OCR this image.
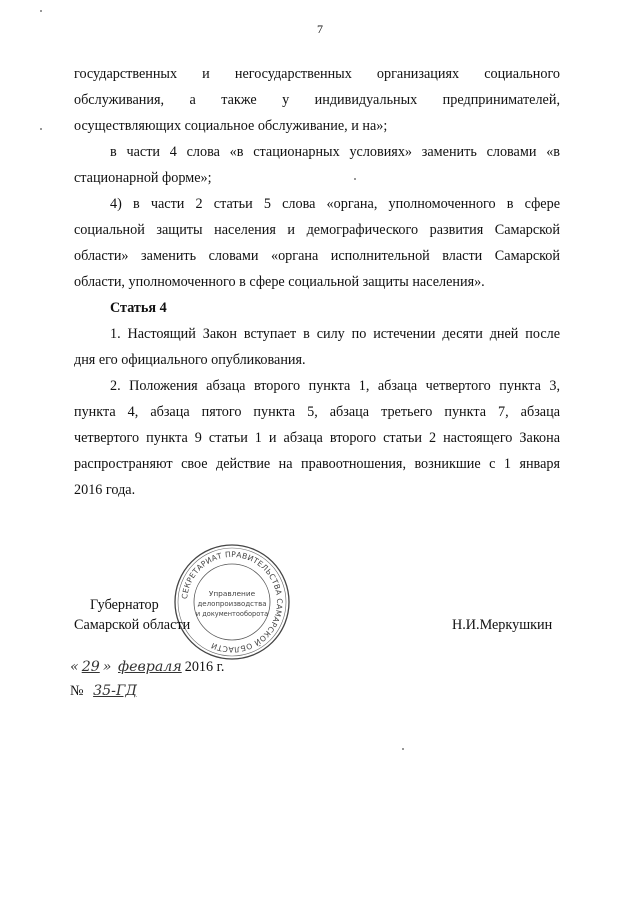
7
государственных и негосударственных организациях социального
обслуживания, а также у индивидуальных предпринимателей,
осуществляющих социальное обслуживание, и на»;
в части 4 слова «в стационарных условиях» заменить словами «в
стационарной форме»;
4) в части 2 статьи 5 слова «органа, уполномоченного в сфере
социальной защиты населения и демографического развития Самарской
области» заменить словами «органа исполнительной власти Самарской
области, уполномоченного в сфере социальной защиты населения».
Статья 4
1. Настоящий Закон вступает в силу по истечении десяти дней после
дня его официального опубликования.
2. Положения абзаца второго пункта 1, абзаца четвертого пункта 3,
пункта 4, абзаца пятого пункта 5, абзаца третьего пункта 7, абзаца
четвертого пункта 9 статьи 1 и абзаца второго статьи 2 настоящего Закона
распространяют свое действие на правоотношения, возникшие с 1 января
2016 года.
СЕКРЕТАРИАТ ПРАВИТЕЛЬСТВА САМАРСКОЙ ОБЛАСТИ
Управление
делопроизводства
и документооборота
Губернатор
Самарской области	Н.И.Меркушкин
« 29 » февраля 2016 г.
№ 35-ГД
